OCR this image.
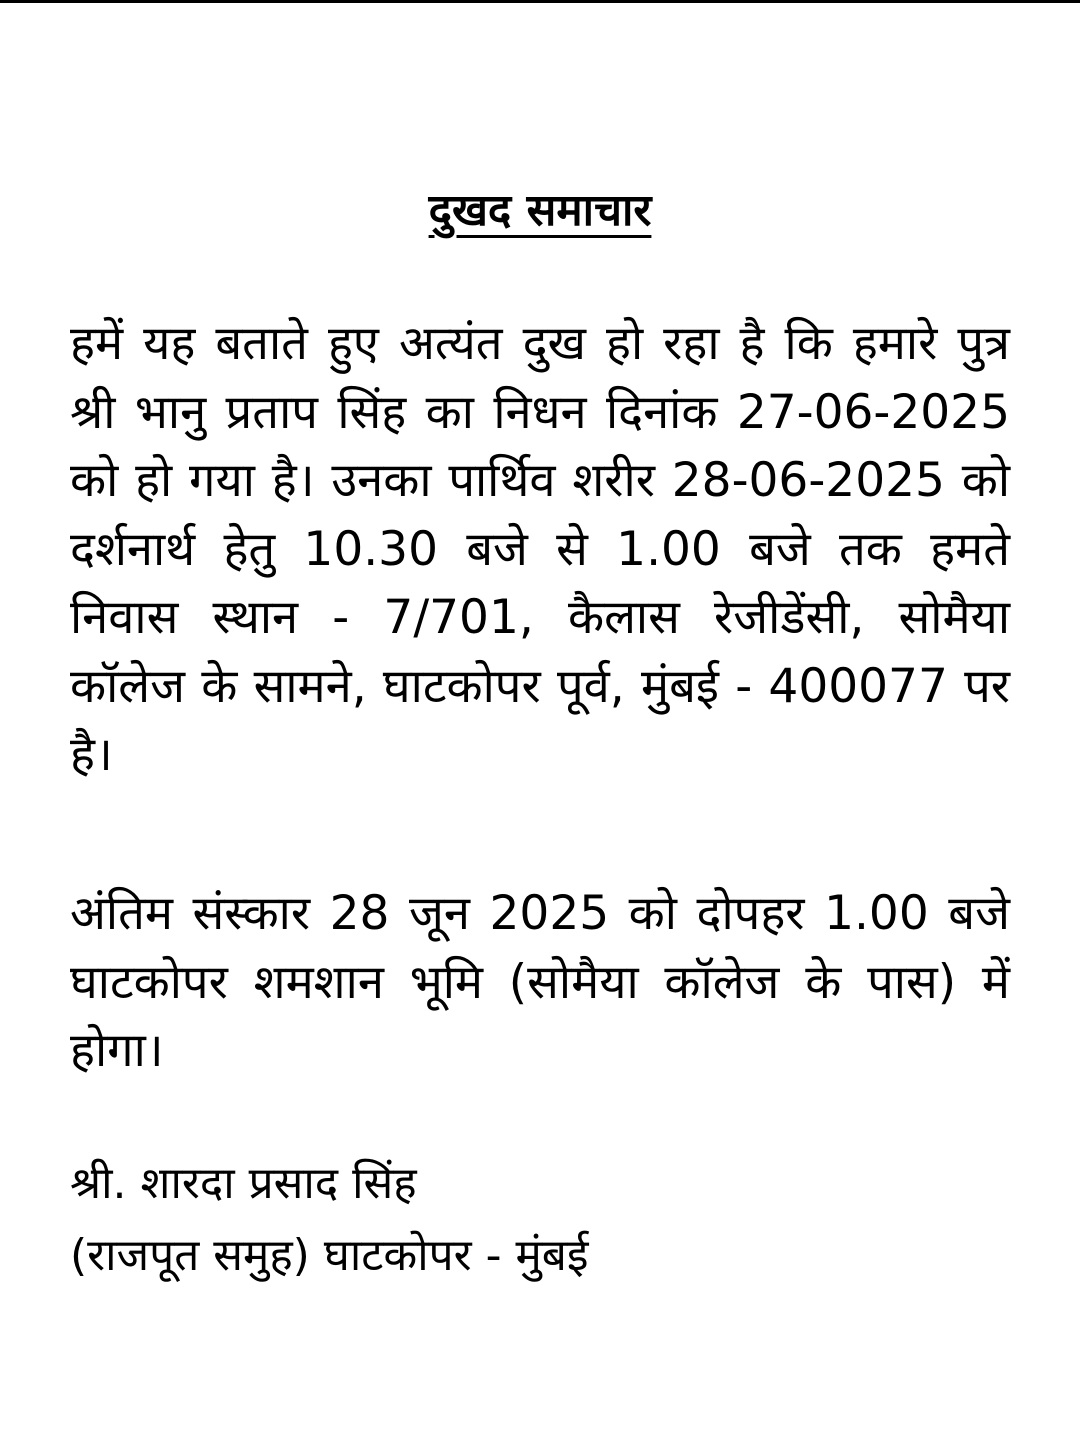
दुखद समाचार
हमें यह बताते हुए अत्यंत दुख हो रहा है कि हमारे पुत्र श्री भानु प्रताप सिंह का निधन दिनांक 27-06-2025 को हो गया है। उनका पार्थिव शरीर 28-06-2025 को दर्शनार्थ हेतु 10.30 बजे से 1.00 बजे तक हमते निवास स्थान - 7/701, कैलास रेजीडेंसी, सोमैया कॉलेज के सामने, घाटकोपर पूर्व, मुंबई - 400077 पर है।
अंतिम संस्कार 28 जून 2025 को दोपहर 1.00 बजे घाटकोपर शमशान भूमि (सोमैया कॉलेज के पास) में होगा।
श्री. शारदा प्रसाद सिंह
(राजपूत समुह) घाटकोपर - मुंबई
